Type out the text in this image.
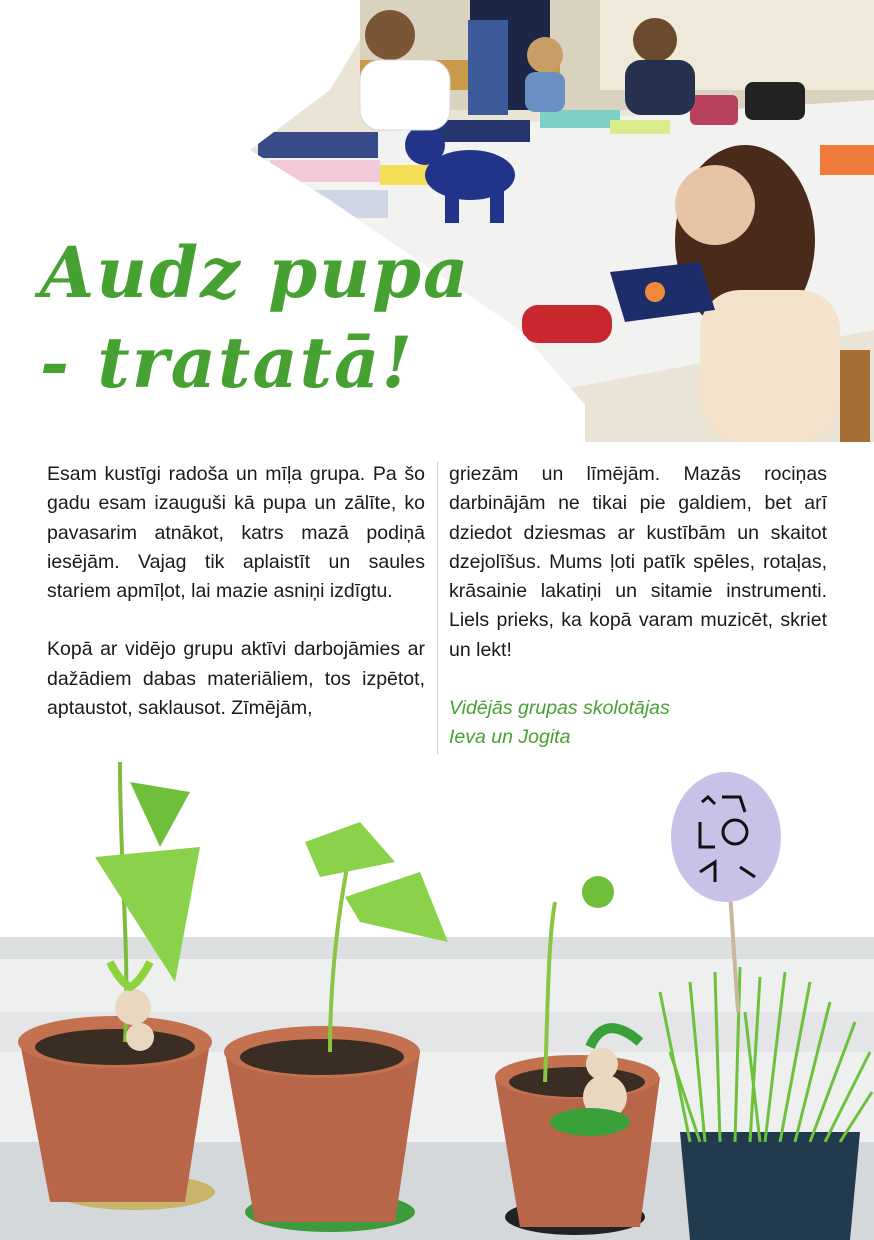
Audz pupa
- tratatā!

Esam kustīgi radoša un mīļa grupa. Pa šo gadu esam izauguši kā pupa un zālīte, ko pavasarim atnākot, katrs mazā podiņā iesējām. Vajag tik aplaistīt un saules stariem apmīļot, lai mazie asniņi izdīgtu.

Kopā ar vidējo grupu aktīvi darbojāmies ar dažādiem dabas materiāliem, tos izpētot, aptaustot, saklausot. Zīmējām,

griezām un līmējām. Mazās rociņas darbinājām ne tikai pie galdiem, bet arī dziedot dziesmas ar kustībām un skaitot dzejolīšus. Mums ļoti patīk spēles, rotaļas, krāsainie lakatiņi un sitamie instrumenti. Liels prieks, ka kopā varam muzicēt, skriet un lekt!

Vidējās grupas skolotājas
Ieva un Jogita
